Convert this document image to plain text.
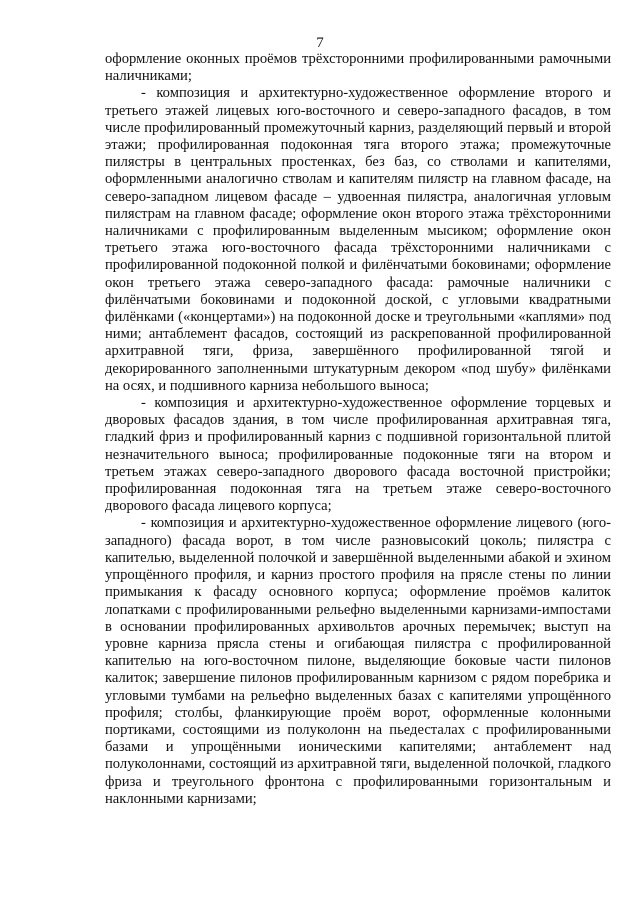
7

оформление оконных проёмов трёхсторонними профилированными рамочными наличниками;

- композиция и архитектурно-художественное оформление второго и третьего этажей лицевых юго-восточного и северо-западного фасадов, в том числе профилированный промежуточный карниз, разделяющий первый и второй этажи; профилированная подоконная тяга второго этажа; промежуточные пилястры в центральных простенках, без баз, со стволами и капителями, оформленными аналогично стволам и капителям пилястр на главном фасаде, на северо-западном лицевом фасаде – удвоенная пилястра, аналогичная угловым пилястрам на главном фасаде; оформление окон второго этажа трёхсторонними наличниками с профилированным выделенным мысиком; оформление окон третьего этажа юго-восточного фасада трёхсторонними наличниками с профилированной подоконной полкой и филёнчатыми боковинами; оформление окон третьего этажа северо-западного фасада: рамочные наличники с филёнчатыми боковинами и подоконной доской, с угловыми квадратными филёнками («концертами») на подоконной доске и треугольными «каплями» под ними; антаблемент фасадов, состоящий из раскрепованной профилированной архитравной тяги, фриза, завершённого профилированной тягой и декорированного заполненными штукатурным декором «под шубу» филёнками на осях, и подшивного карниза небольшого выноса;

- композиция и архитектурно-художественное оформление торцевых и дворовых фасадов здания, в том числе профилированная архитравная тяга, гладкий фриз и профилированный карниз с подшивной горизонтальной плитой незначительного выноса; профилированные подоконные тяги на втором и третьем этажах северо-западного дворового фасада восточной пристройки; профилированная подоконная тяга на третьем этаже северо-восточного дворового фасада лицевого корпуса;

- композиция и архитектурно-художественное оформление лицевого (юго-западного) фасада ворот, в том числе разновысокий цоколь; пилястра с капителью, выделенной полочкой и завершённой выделенными абакой и эхином упрощённого профиля, и карниз простого профиля на прясле стены по линии примыкания к фасаду основного корпуса; оформление проёмов калиток лопатками с профилированными рельефно выделенными карнизами-импостами в основании профилированных архивольтов арочных перемычек; выступ на уровне карниза прясла стены и огибающая пилястра с профилированной капителью на юго-восточном пилоне, выделяющие боковые части пилонов калиток; завершение пилонов профилированным карнизом с рядом поребрика и угловыми тумбами на рельефно выделенных базах с капителями упрощённого профиля; столбы, фланкирующие проём ворот, оформленные колонными портиками, состоящими из полуколонн на пьедесталах с профилированными базами и упрощёнными ионическими капителями; антаблемент над полуколоннами, состоящий из архитравной тяги, выделенной полочкой, гладкого фриза и треугольного фронтона с профилированными горизонтальным и наклонными карнизами;
